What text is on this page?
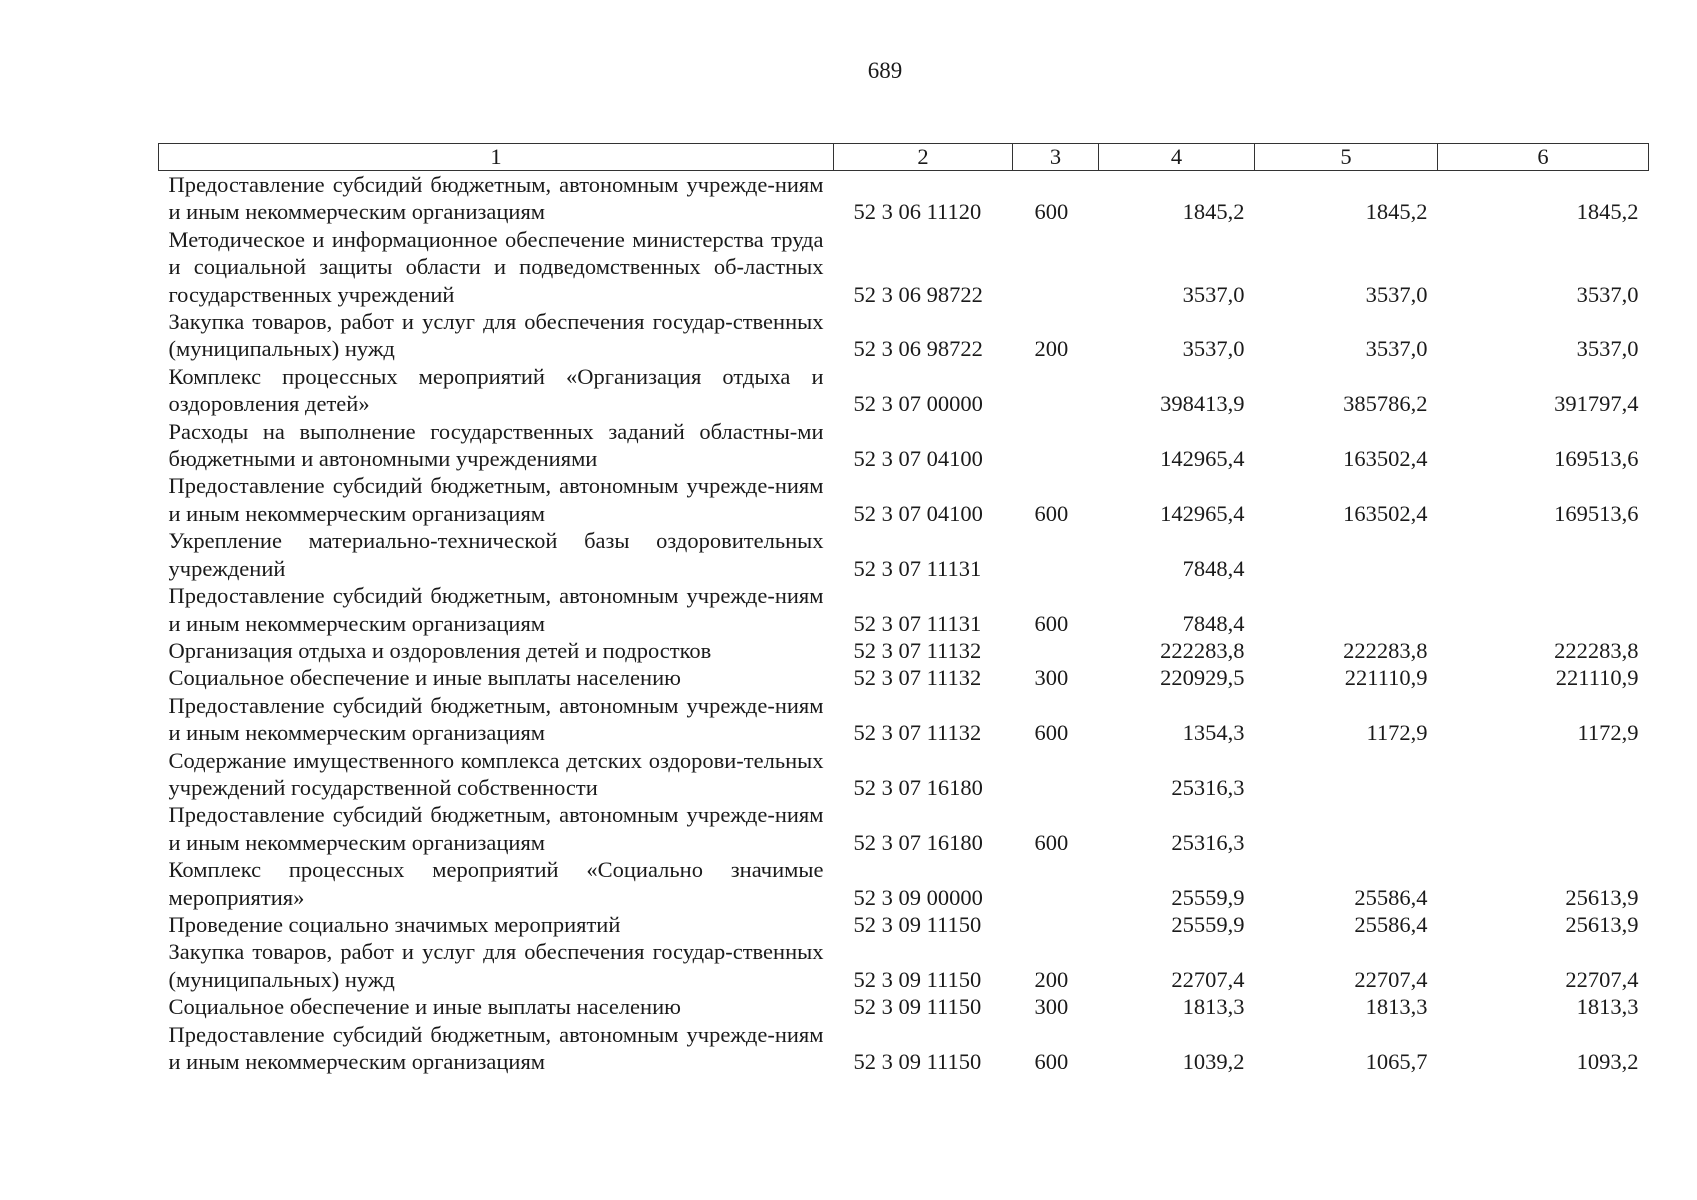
689
1	2	3	4	5	6
Предоставление субсидий бюджетным, автономным учрежде-ниям и иным некоммерческим организациям	52 3 06 11120	600	1845,2	1845,2	1845,2
Методическое и информационное обеспечение министерства труда и социальной защиты области и подведомственных об-ластных государственных учреждений	52 3 06 98722		3537,0	3537,0	3537,0
Закупка товаров, работ и услуг для обеспечения государ-ственных (муниципальных) нужд	52 3 06 98722	200	3537,0	3537,0	3537,0
Комплекс процессных мероприятий «Организация отдыха и оздоровления детей»	52 3 07 00000		398413,9	385786,2	391797,4
Расходы на выполнение государственных заданий областны-ми бюджетными и автономными учреждениями	52 3 07 04100		142965,4	163502,4	169513,6
Предоставление субсидий бюджетным, автономным учрежде-ниям и иным некоммерческим организациям	52 3 07 04100	600	142965,4	163502,4	169513,6
Укрепление материально-технической базы оздоровительных учреждений	52 3 07 11131		7848,4		
Предоставление субсидий бюджетным, автономным учрежде-ниям и иным некоммерческим организациям	52 3 07 11131	600	7848,4		
Организация отдыха и оздоровления детей и подростков	52 3 07 11132		222283,8	222283,8	222283,8
Социальное обеспечение и иные выплаты населению	52 3 07 11132	300	220929,5	221110,9	221110,9
Предоставление субсидий бюджетным, автономным учрежде-ниям и иным некоммерческим организациям	52 3 07 11132	600	1354,3	1172,9	1172,9
Содержание имущественного комплекса детских оздорови-тельных учреждений государственной собственности	52 3 07 16180		25316,3		
Предоставление субсидий бюджетным, автономным учрежде-ниям и иным некоммерческим организациям	52 3 07 16180	600	25316,3		
Комплекс процессных мероприятий «Социально значимые мероприятия»	52 3 09 00000		25559,9	25586,4	25613,9
Проведение социально значимых мероприятий	52 3 09 11150		25559,9	25586,4	25613,9
Закупка товаров, работ и услуг для обеспечения государ-ственных (муниципальных) нужд	52 3 09 11150	200	22707,4	22707,4	22707,4
Социальное обеспечение и иные выплаты населению	52 3 09 11150	300	1813,3	1813,3	1813,3
Предоставление субсидий бюджетным, автономным учрежде-ниям и иным некоммерческим организациям	52 3 09 11150	600	1039,2	1065,7	1093,2
